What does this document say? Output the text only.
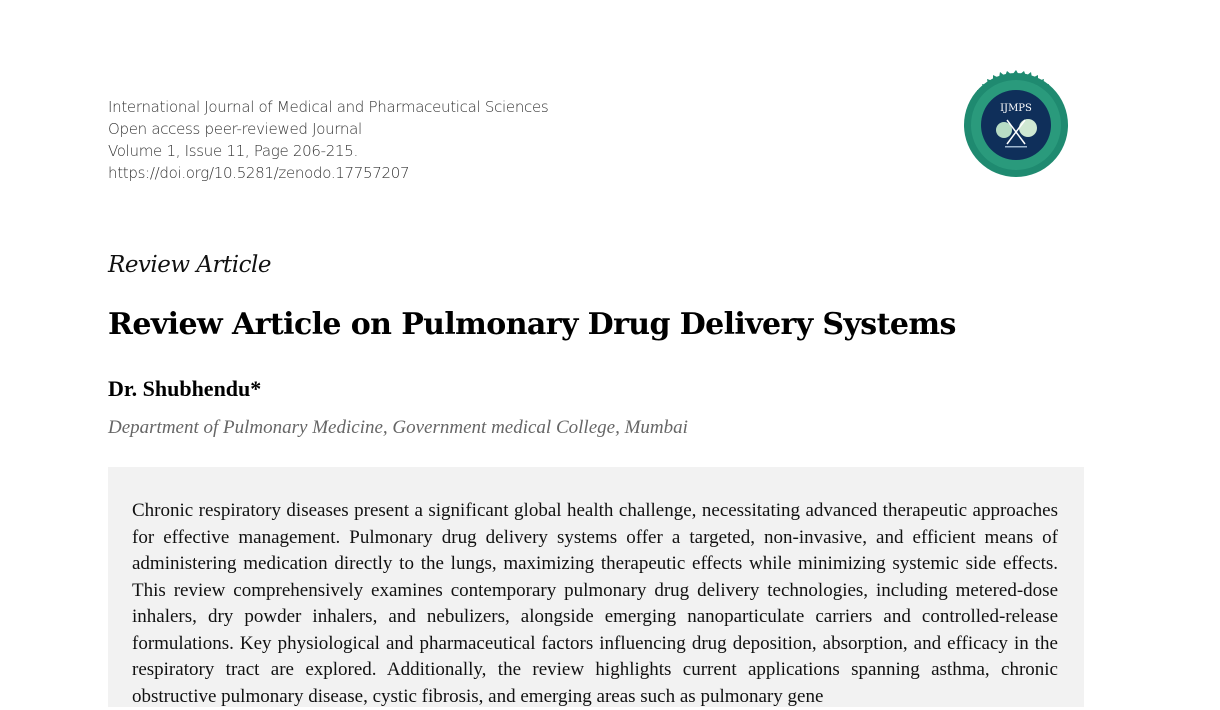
International Journal of Medical and Pharmaceutical Sciences
Open access peer-reviewed Journal
Volume 1, Issue 11, Page 206-215.
https://doi.org/10.5281/zenodo.17757207
IJMPS
Review Article
Review Article on Pulmonary Drug Delivery Systems
Dr. Shubhendu*
Department of Pulmonary Medicine, Government medical College, Mumbai

Chronic respiratory diseases present a significant global health challenge, necessitating advanced therapeutic approaches for effective management. Pulmonary drug delivery systems offer a targeted, non-invasive, and efficient means of administering medication directly to the lungs, maximizing therapeutic effects while minimizing systemic side effects. This review comprehensively examines contemporary pulmonary drug delivery technologies, including metered-dose inhalers, dry powder inhalers, and nebulizers, alongside emerging nanoparticulate carriers and controlled-release formulations. Key physiological and pharmaceutical factors influencing drug deposition, absorption, and efficacy in the respiratory tract are explored. Additionally, the review highlights current applications spanning asthma, chronic obstructive pulmonary disease, cystic fibrosis, and emerging areas such as pulmonary gene
